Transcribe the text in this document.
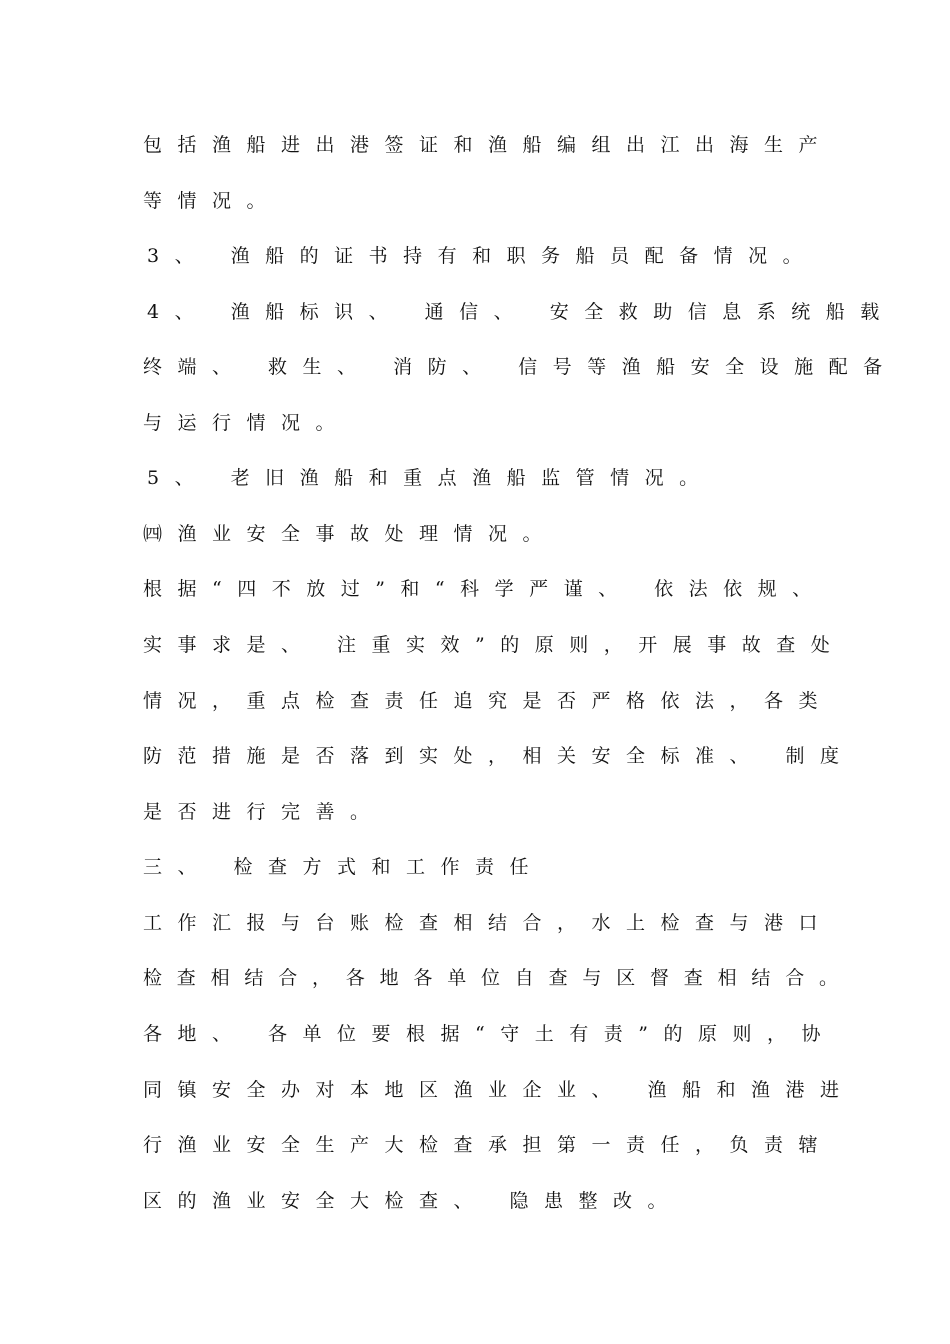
包括渔船进出港签证和渔船编组出江出海生产
等情况。
3、 渔船的证书持有和职务船员配备情况。
4、 渔船标识、 通信、 安全救助信息系统船载
终端、 救生、 消防、 信号等渔船安全设施配备
与运行情况。
5、 老旧渔船和重点渔船监管情况。
㈣渔业安全事故处理情况。
根据“四不放过”和“科学严谨、 依法依规、
实事求是、 注重实效”的原则，开展事故查处
情况，重点检查责任追究是否严格依法，各类
防范措施是否落到实处，相关安全标准、 制度
是否进行完善。
三、 检查方式和工作责任
工作汇报与台账检查相结合，水上检查与港口
检查相结合，各地各单位自查与区督查相结合。
各地、 各单位要根据“守土有责”的原则，协
同镇安全办对本地区渔业企业、 渔船和渔港进
行渔业安全生产大检查承担第一责任，负责辖
区的渔业安全大检查、 隐患整改。
